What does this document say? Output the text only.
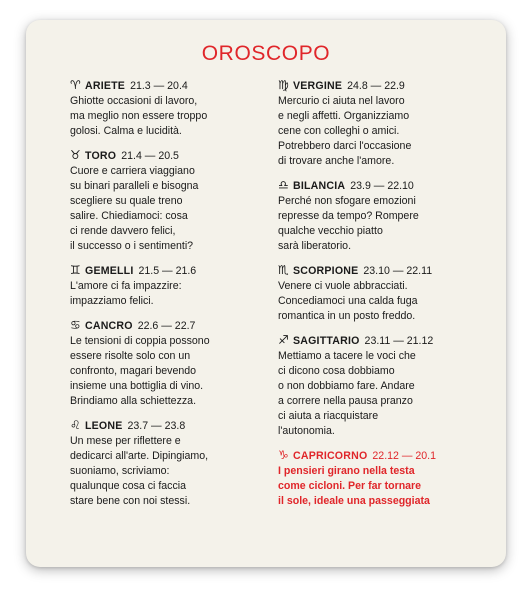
OROSCOPO
♈ ARIETE 21.3 — 20.4
Ghiotte occasioni di lavoro,
ma meglio non essere troppo
golosi. Calma e lucidità.
♉ TORO 21.4 — 20.5
Cuore e carriera viaggiano
su binari paralleli e bisogna
scegliere su quale treno
salire. Chiediamoci: cosa
ci rende davvero felici,
il successo o i sentimenti?
♊ GEMELLI 21.5 — 21.6
L'amore ci fa impazzire:
impazziamo felici.
♋ CANCRO 22.6 — 22.7
Le tensioni di coppia possono
essere risolte solo con un
confronto, magari bevendo
insieme una bottiglia di vino.
Brindiamo alla schiettezza.
♌ LEONE 23.7 — 23.8
Un mese per riflettere e
dedicarci all'arte. Dipingiamo,
suoniamo, scriviamo:
qualunque cosa ci faccia
stare bene con noi stessi.
♍ VERGINE 24.8 — 22.9
Mercurio ci aiuta nel lavoro
e negli affetti. Organizziamo
cene con colleghi o amici.
Potrebbero darci l'occasione
di trovare anche l'amore.
♎ BILANCIA 23.9 — 22.10
Perché non sfogare emozioni
represse da tempo? Rompere
qualche vecchio piatto
sarà liberatorio.
♏ SCORPIONE 23.10 — 22.11
Venere ci vuole abbracciati.
Concediamoci una calda fuga
romantica in un posto freddo.
♐ SAGITTARIO 23.11 — 21.12
Mettiamo a tacere le voci che
ci dicono cosa dobbiamo
o non dobbiamo fare. Andare
a correre nella pausa pranzo
ci aiuta a riacquistare
l'autonomia.
♑ CAPRICORNO 22.12 — 20.1
I pensieri girano nella testa
come cicloni. Per far tornare
il sole, ideale una passeggiata
